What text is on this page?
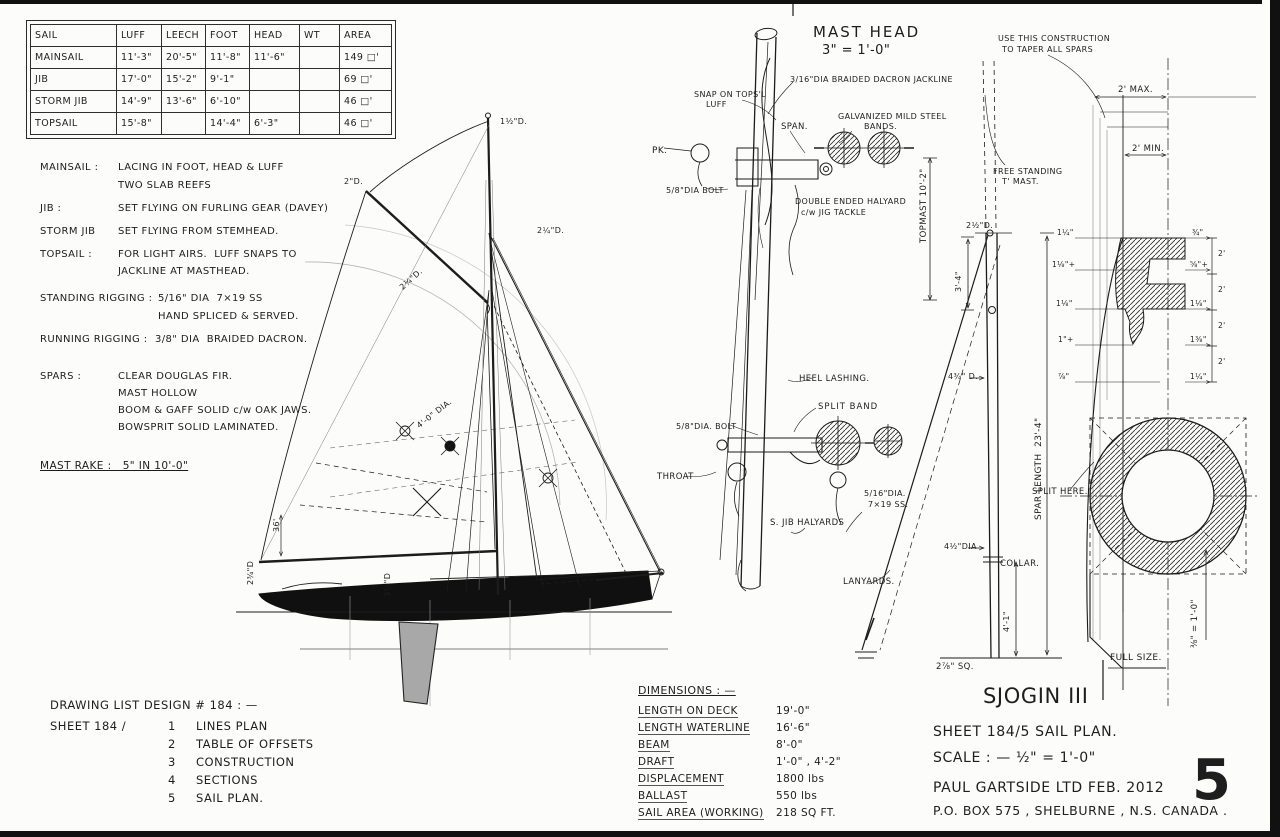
SAIL	LUFF	LEECH	FOOT	HEAD	WT	AREA
MAINSAIL	11'-3"	20'-5"	11'-8"	11'-6"		149 □'
JIB	17'-0"	15'-2"	9'-1"			69 □'
STORM JIB	14'-9"	13'-6"	6'-10"			46 □'
TOPSAIL	15'-8"		14'-4"	6'-3"		46 □'
MAINSAIL : LACING IN FOOT, HEAD & LUFF
TWO SLAB REEFS
JIB :	SET FLYING ON FURLING GEAR (DAVEY)
STORM JIB SET FLYING FROM STEMHEAD.
TOPSAIL :	FOR LIGHT AIRS.  LUFF SNAPS TO
JACKLINE AT MASTHEAD.
STANDING RIGGING : 5/16" DIA  7×19 SS
HAND SPLICED & SERVED.
RUNNING RIGGING : 3/8" DIA  BRAIDED DACRON.
SPARS :	CLEAR DOUGLAS FIR.
MAST HOLLOW
BOOM & GAFF SOLID c/w OAK JAWS.
BOWSPRIT SOLID LAMINATED.
MAST RAKE :   5" IN 10'-0"
1½"D.
2"D.
2¼"D.
2¼"D.
4'-0" DIA.
36'
2¾"D	3½"D
MAST HEAD
3" = 1'-0"
3/16"DIA BRAIDED DACRON JACKLINE
SNAP ON TOPS'L
LUFF
SPAN.
GALVANIZED MILD STEEL
BANDS.
PK.
5/8"DIA BOLT
DOUBLE ENDED HALYARD
c/w JIG TACKLE	TOPMAST 10'-2"
HEEL LASHING.
SPLIT BAND
5/8"DIA. BOLT
THROAT
S. JIB HALYARDS
5/16"DIA.
7×19 SS.
LANYARDS.
FREE STANDING
T' MAST.
2½"D.
3'-4"
4¾" D.
4½"DIA
COLLAR.
4'-1"
2⅞" SQ.
SPAR LENGTH  23'-4"
USE THIS CONSTRUCTION
TO TAPER ALL SPARS
2' MAX.
2' MIN.
1¼"
1⅛"+
1⅛"
1"+
⅞"
¾"
⅝"+
1⅛"
1⅜"
1¼"
2'
2'
2'
2'
SPLIT HERE.
FULL SIZE.
⅜" = 1'-0"
DRAWING LIST DESIGN # 184 : —
SHEET 184 /	1 LINES PLAN
2 TABLE OF OFFSETS
3 CONSTRUCTION
4 SECTIONS
5 SAIL PLAN.
DIMENSIONS : —
LENGTH ON DECK	19'-0"
LENGTH WATERLINE	16'-6"
BEAM	8'-0"
DRAFT	1'-0" , 4'-2"
DISPLACEMENT	1800 lbs
BALLAST	550 lbs
SAIL AREA (WORKING)	218 SQ FT.
SJOGIN III
SHEET 184/5 SAIL PLAN.
SCALE : — ½" = 1'-0"
PAUL GARTSIDE LTD FEB. 2012
P.O. BOX 575 , SHELBURNE , N.S. CANADA .
5
